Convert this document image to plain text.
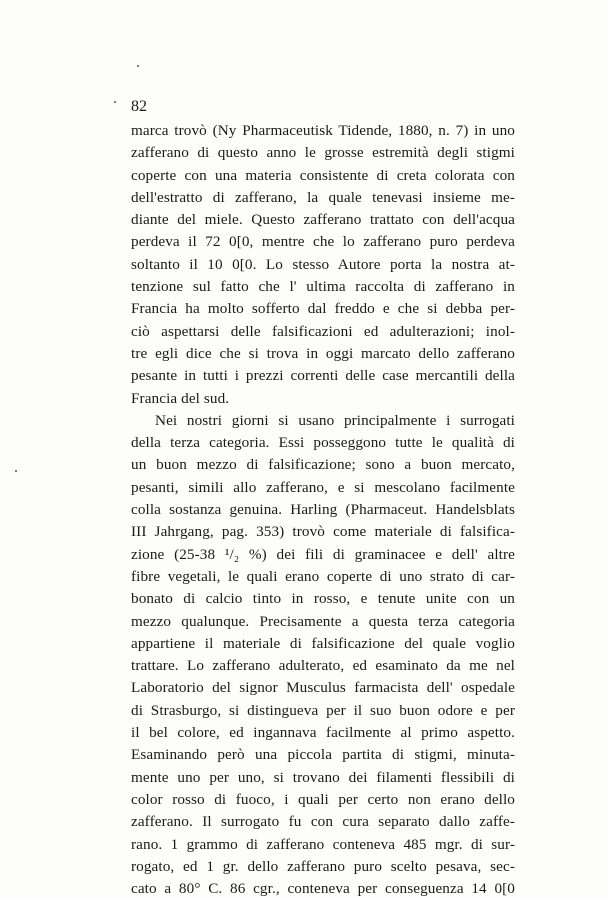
82
marca trovò (Ny Pharmaceutisk Tidende, 1880, n. 7) in uno
zafferano di questo anno le grosse estremità degli stigmi
coperte con una materia consistente di creta colorata con
dell'estratto di zafferano, la quale tenevasi insieme me-
diante del miele. Questo zafferano trattato con dell'acqua
perdeva il 72 0[0, mentre che lo zafferano puro perdeva
soltanto il 10 0[0. Lo stesso Autore porta la nostra at-
tenzione sul fatto che l' ultima raccolta di zafferano in
Francia ha molto sofferto dal freddo e che si debba per-
ciò aspettarsi delle falsificazioni ed adulterazioni; inol-
tre egli dice che si trova in oggi marcato dello zafferano
pesante in tutti i prezzi correnti delle case mercantili della
Francia del sud.
Nei nostri giorni si usano principalmente i surrogati
della terza categoria. Essi posseggono tutte le qualità di
un buon mezzo di falsificazione; sono a buon mercato,
pesanti, simili allo zafferano, e si mescolano facilmente
colla sostanza genuina. Harling (Pharmaceut. Handelsblats
III Jahrgang, pag. 353) trovò come materiale di falsifica-
zione (25-38 ¹/₂ %) dei fili di graminacee e dell' altre
fibre vegetali, le quali erano coperte di uno strato di car-
bonato di calcio tinto in rosso, e tenute unite con un
mezzo qualunque. Precisamente a questa terza categoria
appartiene il materiale di falsificazione del quale voglio
trattare. Lo zafferano adulterato, ed esaminato da me nel
Laboratorio del signor Musculus farmacista dell' ospedale
di Strasburgo, si distingueva per il suo buon odore e per
il bel colore, ed ingannava facilmente al primo aspetto.
Esaminando però una piccola partita di stigmi, minuta-
mente uno per uno, si trovano dei filamenti flessibili di
color rosso di fuoco, i quali per certo non erano dello
zafferano. Il surrogato fu con cura separato dallo zaffe-
rano. 1 grammo di zafferano conteneva 485 mgr. di sur-
rogato, ed 1 gr. dello zafferano puro scelto pesava, sec-
cato a 80° C. 86 cgr., conteneva per conseguenza 14 0[0
